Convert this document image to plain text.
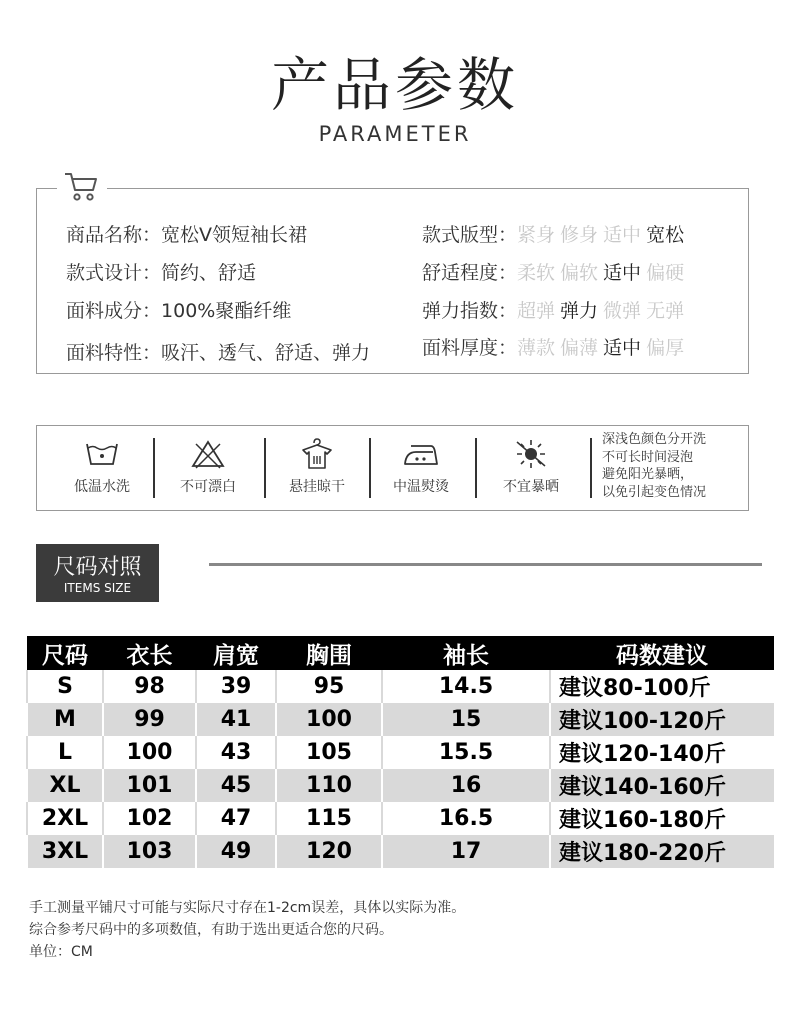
产品参数
PARAMETER
商品名称：宽松V领短袖长裙
款式设计：简约、舒适
面料成分：100%聚酯纤维
面料特性：吸汗、透气、舒适、弹力
款式版型：紧身 修身 适中 宽松
舒适程度：柔软 偏软 适中 偏硬
弹力指数：超弹 弹力 微弹 无弹
面料厚度：薄款 偏薄 适中 偏厚
低温水洗	不可漂白	悬挂晾干	中温熨烫	不宜暴晒
深浅色颜色分开洗
不可长时间浸泡
避免阳光暴晒，
以免引起变色情况
尺码对照
ITEMS SIZE
尺码	衣长	肩宽	胸围	袖长	码数建议
S	98	39	95	14.5	建议80-100斤
M	99	41	100	15	建议100-120斤
L	100	43	105	15.5	建议120-140斤
XL	101	45	110	16	建议140-160斤
2XL	102	47	115	16.5	建议160-180斤
3XL	103	49	120	17	建议180-220斤
手工测量平铺尺寸可能与实际尺寸存在1-2cm误差，具体以实际为准。
综合参考尺码中的多项数值，有助于选出更适合您的尺码。
单位：CM
